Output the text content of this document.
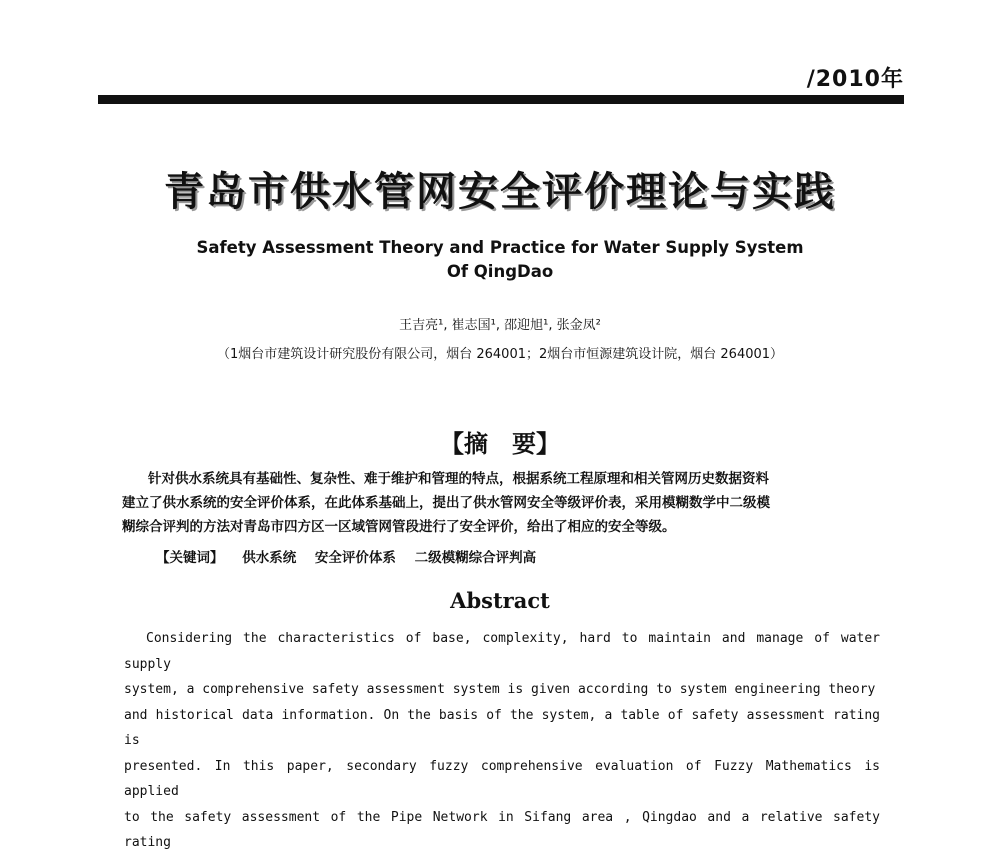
/2010年
青岛市供水管网安全评价理论与实践
Safety Assessment Theory and Practice for Water Supply System
Of QingDao
王吉亮¹, 崔志国¹, 邵迎旭¹, 张金凤²
（1烟台市建筑设计研究股份有限公司，烟台 264001；2烟台市恒源建筑设计院，烟台 264001）
【摘　要】
针对供水系统具有基础性、复杂性、难于维护和管理的特点，根据系统工程原理和相关管网历史数据资料
建立了供水系统的安全评价体系，在此体系基础上，提出了供水管网安全等级评价表，采用模糊数学中二级模
糊综合评判的方法对青岛市四方区一区域管网管段进行了安全评价，给出了相应的安全等级。
【关键词】 供水系统 安全评价体系 二级模糊综合评判高
Abstract
Considering the characteristics of base, complexity, hard to maintain and manage of water supply
system, a comprehensive safety assessment system is given according to system engineering theory
and historical data information. On the basis of the system, a table of safety assessment rating is
presented. In this paper, secondary fuzzy comprehensive evaluation of Fuzzy Mathematics is applied
to the safety assessment of the Pipe Network in Sifang area , Qingdao and a relative safety rating
